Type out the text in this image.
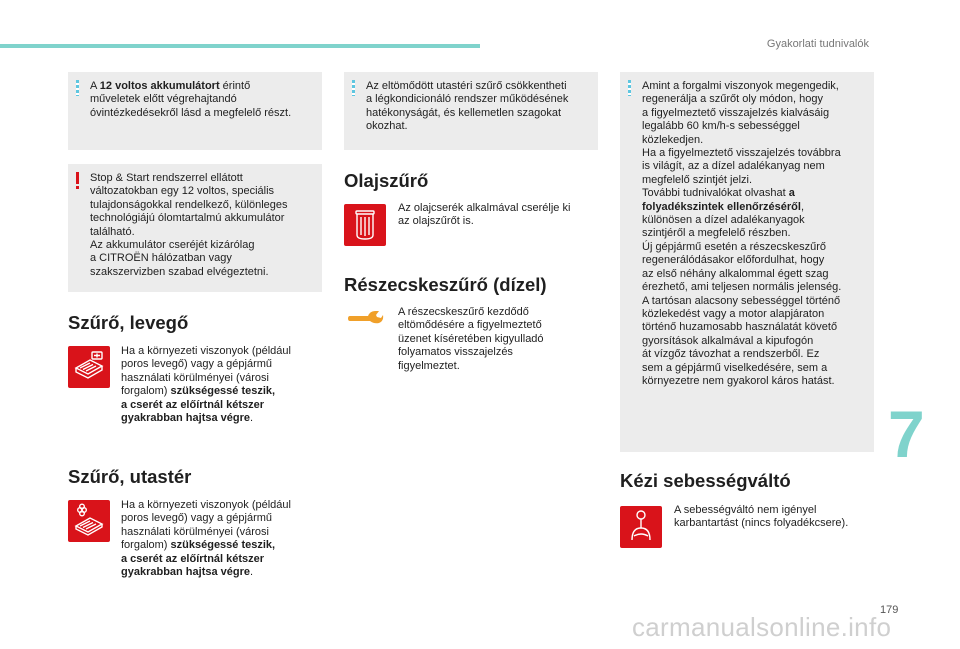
Gyakorlati tudnivalók
A 12 voltos akkumulátort érintő
műveletek előtt végrehajtandó
óvintézkedésekről lásd a megfelelő részt.
Stop & Start rendszerrel ellátott
változatokban egy 12 voltos, speciális
tulajdonságokkal rendelkező, különleges
technológiájú ólomtartalmú akkumulátor
található.
Az akkumulátor cseréjét kizárólag
a CITROËN hálózatban vagy
szakszervizben szabad elvégeztetni.
Szűrő, levegő
Ha a környezeti viszonyok (például
poros levegő) vagy a gépjármű
használati körülményei (városi
forgalom) szükségessé teszik,
a cserét az előírtnál kétszer
gyakrabban hajtsa végre.
Szűrő, utastér
Ha a környezeti viszonyok (például
poros levegő) vagy a gépjármű
használati körülményei (városi
forgalom) szükségessé teszik,
a cserét az előírtnál kétszer
gyakrabban hajtsa végre.
Az eltömődött utastéri szűrő csökkentheti
a légkondicionáló rendszer működésének
hatékonyságát, és kellemetlen szagokat
okozhat.
Olajszűrő
Az olajcserék alkalmával cserélje ki
az olajszűrőt is.
Részecskeszűrő (dízel)
A részecskeszűrő kezdődő
eltömődésére a figyelmeztető
üzenet kíséretében kigyulladó
folyamatos visszajelzés
figyelmeztet.
Amint a forgalmi viszonyok megengedik,
regenerálja a szűrőt oly módon, hogy
a figyelmeztető visszajelzés kialvásáig
legalább 60 km/h-s sebességgel
közlekedjen.
Ha a figyelmeztető visszajelzés továbbra
is világít, az a dízel adalékanyag nem
megfelelő szintjét jelzi.
További tudnivalókat olvashat a
folyadékszintek ellenőrzéséről,
különösen a dízel adalékanyagok
szintjéről a megfelelő részben.
Új gépjármű esetén a részecskeszűrő
regenerálódásakor előfordulhat, hogy
az első néhány alkalommal égett szag
érezhető, ami teljesen normális jelenség.
A tartósan alacsony sebességgel történő
közlekedést vagy a motor alapjáraton
történő huzamosabb használatát követő
gyorsítások alkalmával a kipufogón
át vízgőz távozhat a rendszerből. Ez
sem a gépjármű viselkedésére, sem a
környezetre nem gyakorol káros hatást.
Kézi sebességváltó
A sebességváltó nem igényel
karbantartást (nincs folyadékcsere).
7
179
carmanualsonline.info
